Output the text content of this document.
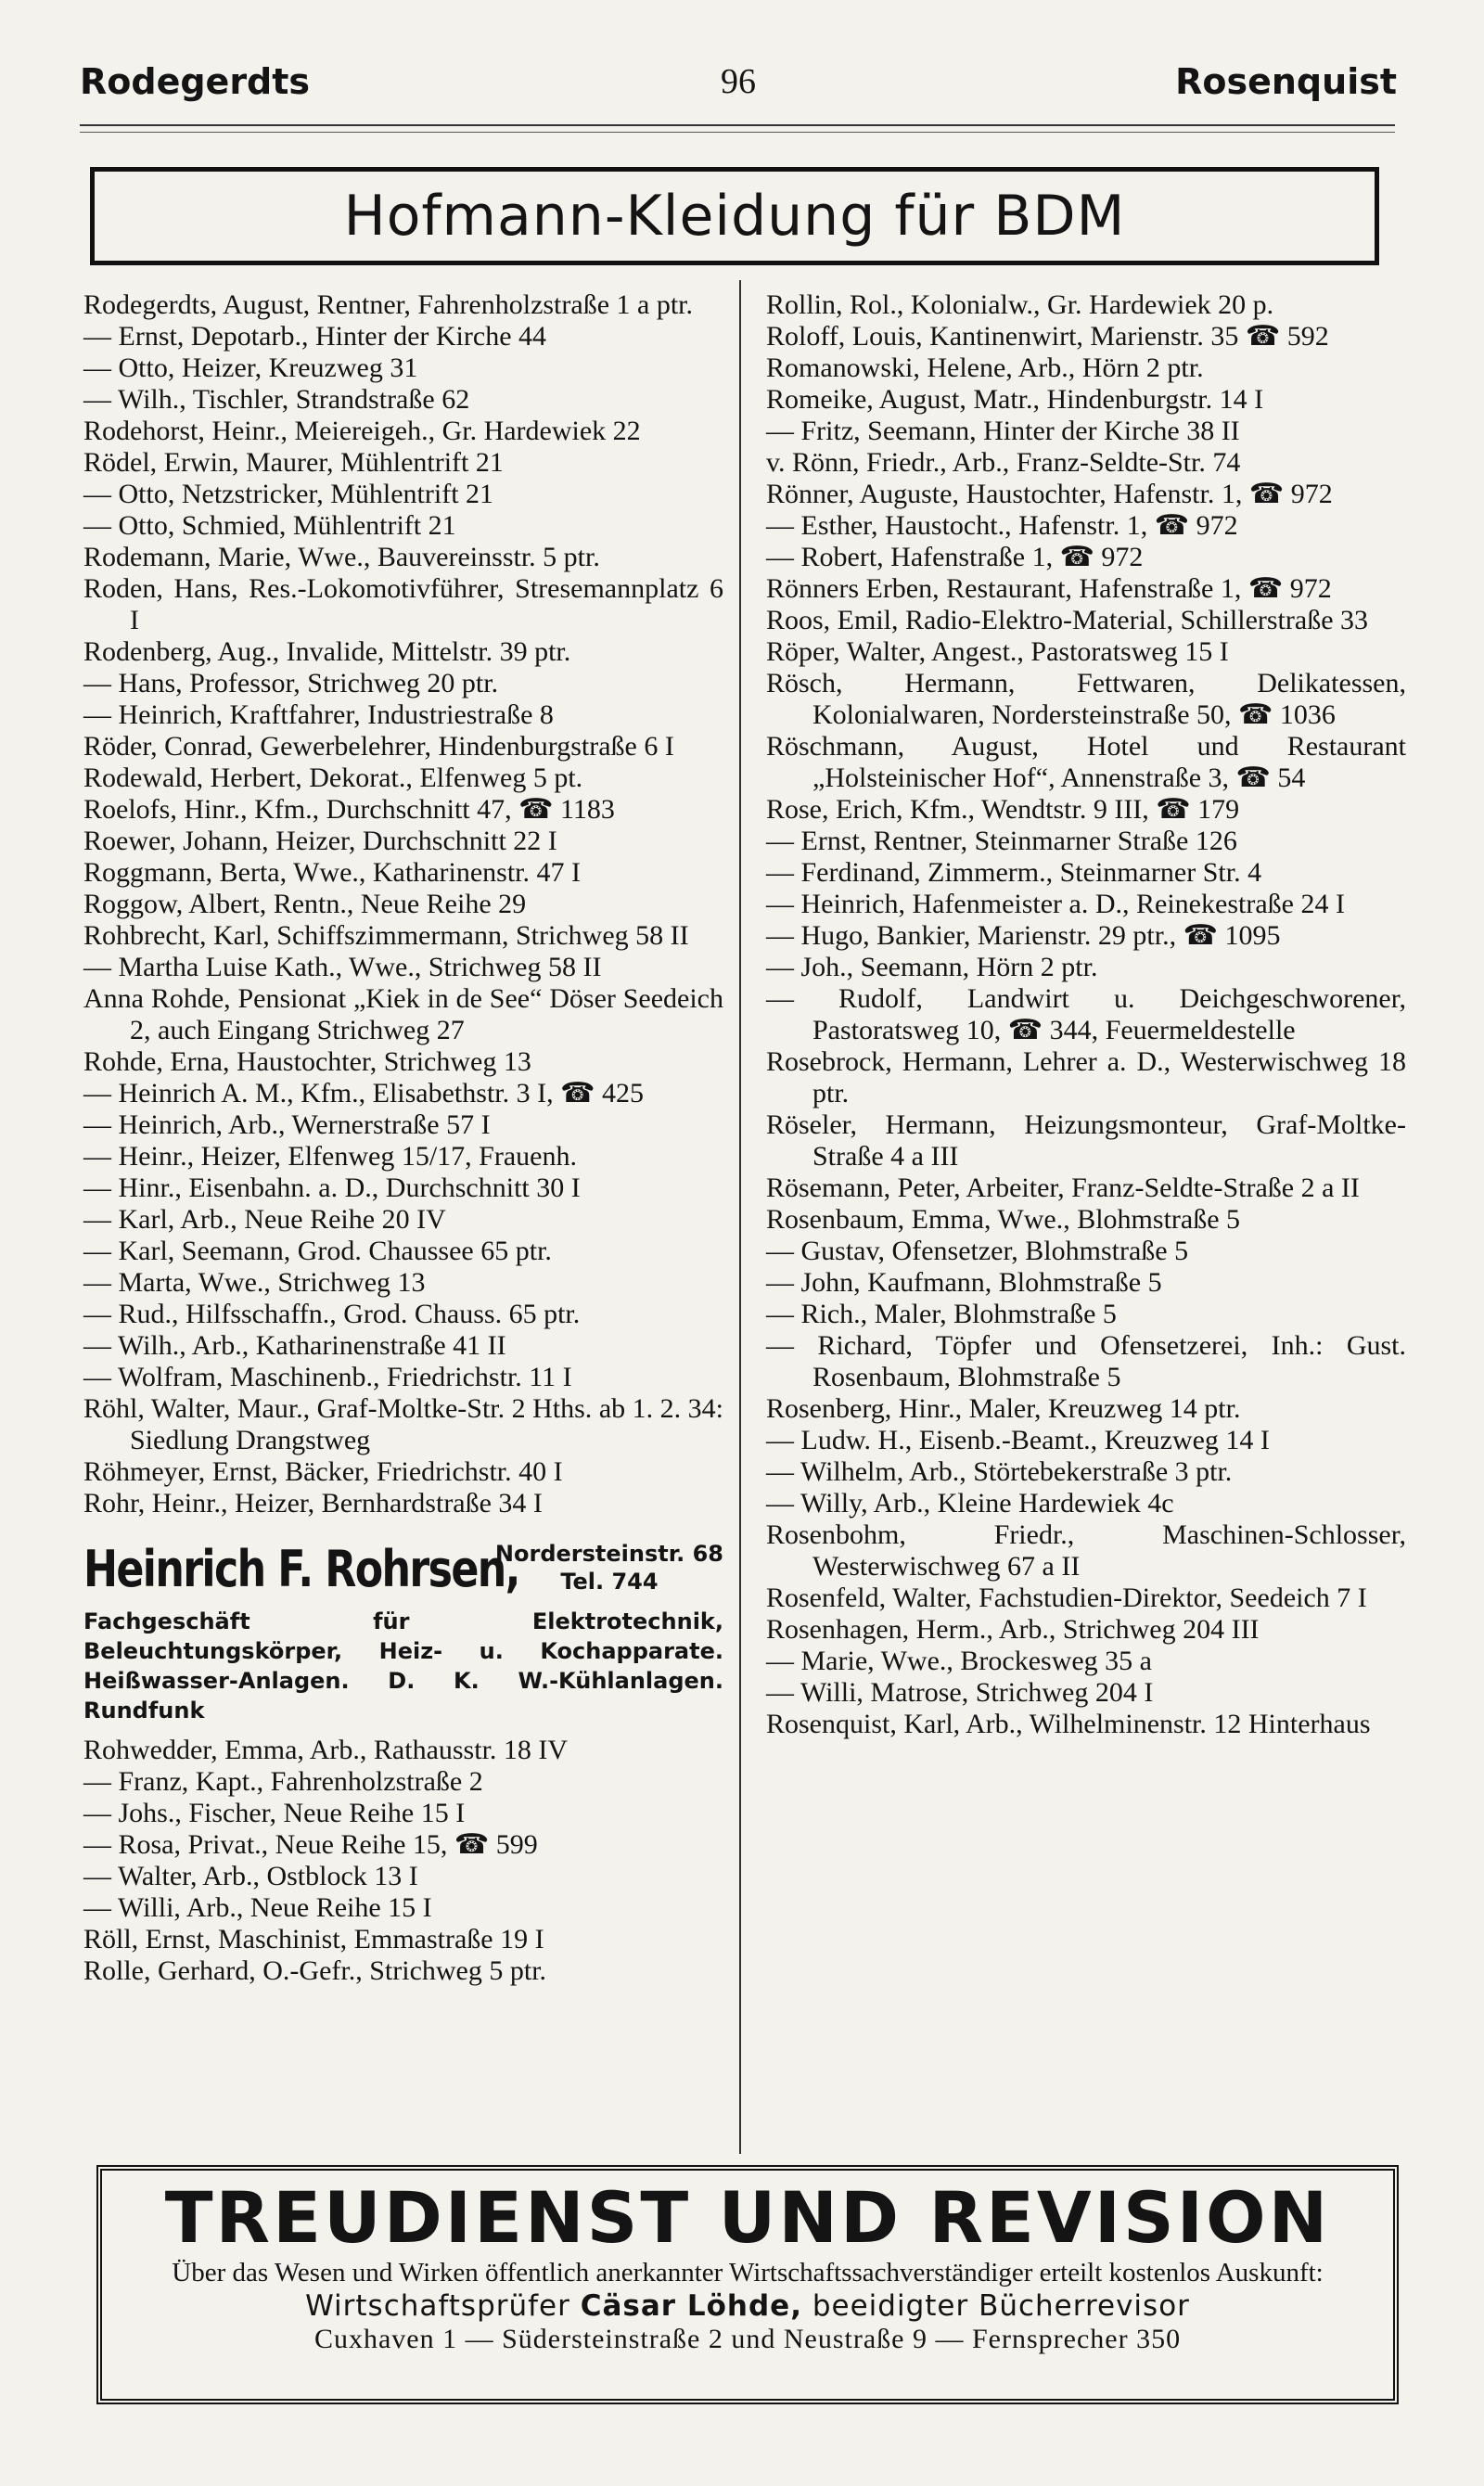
Rodegerdts	96	Rosenquist
Hofmann-Kleidung für BDM
Rodegerdts, August, Rentner, Fahrenholzstraße 1 a ptr.
— Ernst, Depotarb., Hinter der Kirche 44
— Otto, Heizer, Kreuzweg 31
— Wilh., Tischler, Strandstraße 62
Rodehorst, Heinr., Meiereigeh., Gr. Hardewiek 22
Rödel, Erwin, Maurer, Mühlentrift 21
— Otto, Netzstricker, Mühlentrift 21
— Otto, Schmied, Mühlentrift 21
Rodemann, Marie, Wwe., Bauvereinsstr. 5 ptr.
Roden, Hans, Res.-Lokomotivführer, Stresemannplatz 6 I
Rodenberg, Aug., Invalide, Mittelstr. 39 ptr.
— Hans, Professor, Strichweg 20 ptr.
— Heinrich, Kraftfahrer, Industriestraße 8
Röder, Conrad, Gewerbelehrer, Hindenburgstraße 6 I
Rodewald, Herbert, Dekorat., Elfenweg 5 pt.
Roelofs, Hinr., Kfm., Durchschnitt 47, ☎ 1183
Roewer, Johann, Heizer, Durchschnitt 22 I
Roggmann, Berta, Wwe., Katharinenstr. 47 I
Roggow, Albert, Rentn., Neue Reihe 29
Rohbrecht, Karl, Schiffszimmermann, Strichweg 58 II
— Martha Luise Kath., Wwe., Strichweg 58 II
Anna Rohde, Pensionat „Kiek in de See“ Döser Seedeich 2, auch Eingang Strichweg 27
Rohde, Erna, Haustochter, Strichweg 13
— Heinrich A. M., Kfm., Elisabethstr. 3 I, ☎ 425
— Heinrich, Arb., Wernerstraße 57 I
— Heinr., Heizer, Elfenweg 15/17, Frauenh.
— Hinr., Eisenbahn. a. D., Durchschnitt 30 I
— Karl, Arb., Neue Reihe 20 IV
— Karl, Seemann, Grod. Chaussee 65 ptr.
— Marta, Wwe., Strichweg 13
— Rud., Hilfsschaffn., Grod. Chauss. 65 ptr.
— Wilh., Arb., Katharinenstraße 41 II
— Wolfram, Maschinenb., Friedrichstr. 11 I
Röhl, Walter, Maur., Graf-Moltke-Str. 2 Hths. ab 1. 2. 34: Siedlung Drangstweg
Röhmeyer, Ernst, Bäcker, Friedrichstr. 40 I
Rohr, Heinr., Heizer, Bernhardstraße 34 I
Heinrich F. Rohrsen,
Nordersteinstr. 68
Tel. 744
Fachgeschäft für Elektrotechnik, Beleuchtungskörper, Heiz- u. Kochapparate. Heißwasser-Anlagen. D. K. W.-Kühlanlagen. Rundfunk
Rohwedder, Emma, Arb., Rathausstr. 18 IV
— Franz, Kapt., Fahrenholzstraße 2
— Johs., Fischer, Neue Reihe 15 I
— Rosa, Privat., Neue Reihe 15, ☎ 599
— Walter, Arb., Ostblock 13 I
— Willi, Arb., Neue Reihe 15 I
Röll, Ernst, Maschinist, Emmastraße 19 I
Rolle, Gerhard, O.-Gefr., Strichweg 5 ptr.
Rollin, Rol., Kolonialw., Gr. Hardewiek 20 p.
Roloff, Louis, Kantinenwirt, Marienstr. 35 ☎ 592
Romanowski, Helene, Arb., Hörn 2 ptr.
Romeike, August, Matr., Hindenburgstr. 14 I
— Fritz, Seemann, Hinter der Kirche 38 II
v. Rönn, Friedr., Arb., Franz-Seldte-Str. 74
Rönner, Auguste, Haustochter, Hafenstr. 1, ☎ 972
— Esther, Haustocht., Hafenstr. 1, ☎ 972
— Robert, Hafenstraße 1, ☎ 972
Rönners Erben, Restaurant, Hafenstraße 1, ☎ 972
Roos, Emil, Radio-Elektro-Material, Schillerstraße 33
Röper, Walter, Angest., Pastoratsweg 15 I
Rösch, Hermann, Fettwaren, Delikatessen, Kolonialwaren, Nordersteinstraße 50, ☎ 1036
Röschmann, August, Hotel und Restaurant „Holsteinischer Hof“, Annenstraße 3, ☎ 54
Rose, Erich, Kfm., Wendtstr. 9 III, ☎ 179
— Ernst, Rentner, Steinmarner Straße 126
— Ferdinand, Zimmerm., Steinmarner Str. 4
— Heinrich, Hafenmeister a. D., Reinekestraße 24 I
— Hugo, Bankier, Marienstr. 29 ptr., ☎ 1095
— Joh., Seemann, Hörn 2 ptr.
— Rudolf, Landwirt u. Deichgeschworener, Pastoratsweg 10, ☎ 344, Feuermeldestelle
Rosebrock, Hermann, Lehrer a. D., Westerwischweg 18 ptr.
Röseler, Hermann, Heizungsmonteur, Graf-Moltke-Straße 4 a III
Rösemann, Peter, Arbeiter, Franz-Seldte-Straße 2 a II
Rosenbaum, Emma, Wwe., Blohmstraße 5
— Gustav, Ofensetzer, Blohmstraße 5
— John, Kaufmann, Blohmstraße 5
— Rich., Maler, Blohmstraße 5
— Richard, Töpfer und Ofensetzerei, Inh.: Gust. Rosenbaum, Blohmstraße 5
Rosenberg, Hinr., Maler, Kreuzweg 14 ptr.
— Ludw. H., Eisenb.-Beamt., Kreuzweg 14 I
— Wilhelm, Arb., Störtebekerstraße 3 ptr.
— Willy, Arb., Kleine Hardewiek 4c
Rosenbohm, Friedr., Maschinen-Schlosser, Westerwischweg 67 a II
Rosenfeld, Walter, Fachstudien-Direktor, Seedeich 7 I
Rosenhagen, Herm., Arb., Strichweg 204 III
— Marie, Wwe., Brockesweg 35 a
— Willi, Matrose, Strichweg 204 I
Rosenquist, Karl, Arb., Wilhelminenstr. 12 Hinterhaus
TREUDIENST UND REVISION
Über das Wesen und Wirken öffentlich anerkannter Wirtschaftssachverständiger erteilt kostenlos Auskunft:
Wirtschaftsprüfer Cäsar Löhde, beeidigter Bücherrevisor
Cuxhaven 1 — Südersteinstraße 2 und Neustraße 9 — Fernsprecher 350
